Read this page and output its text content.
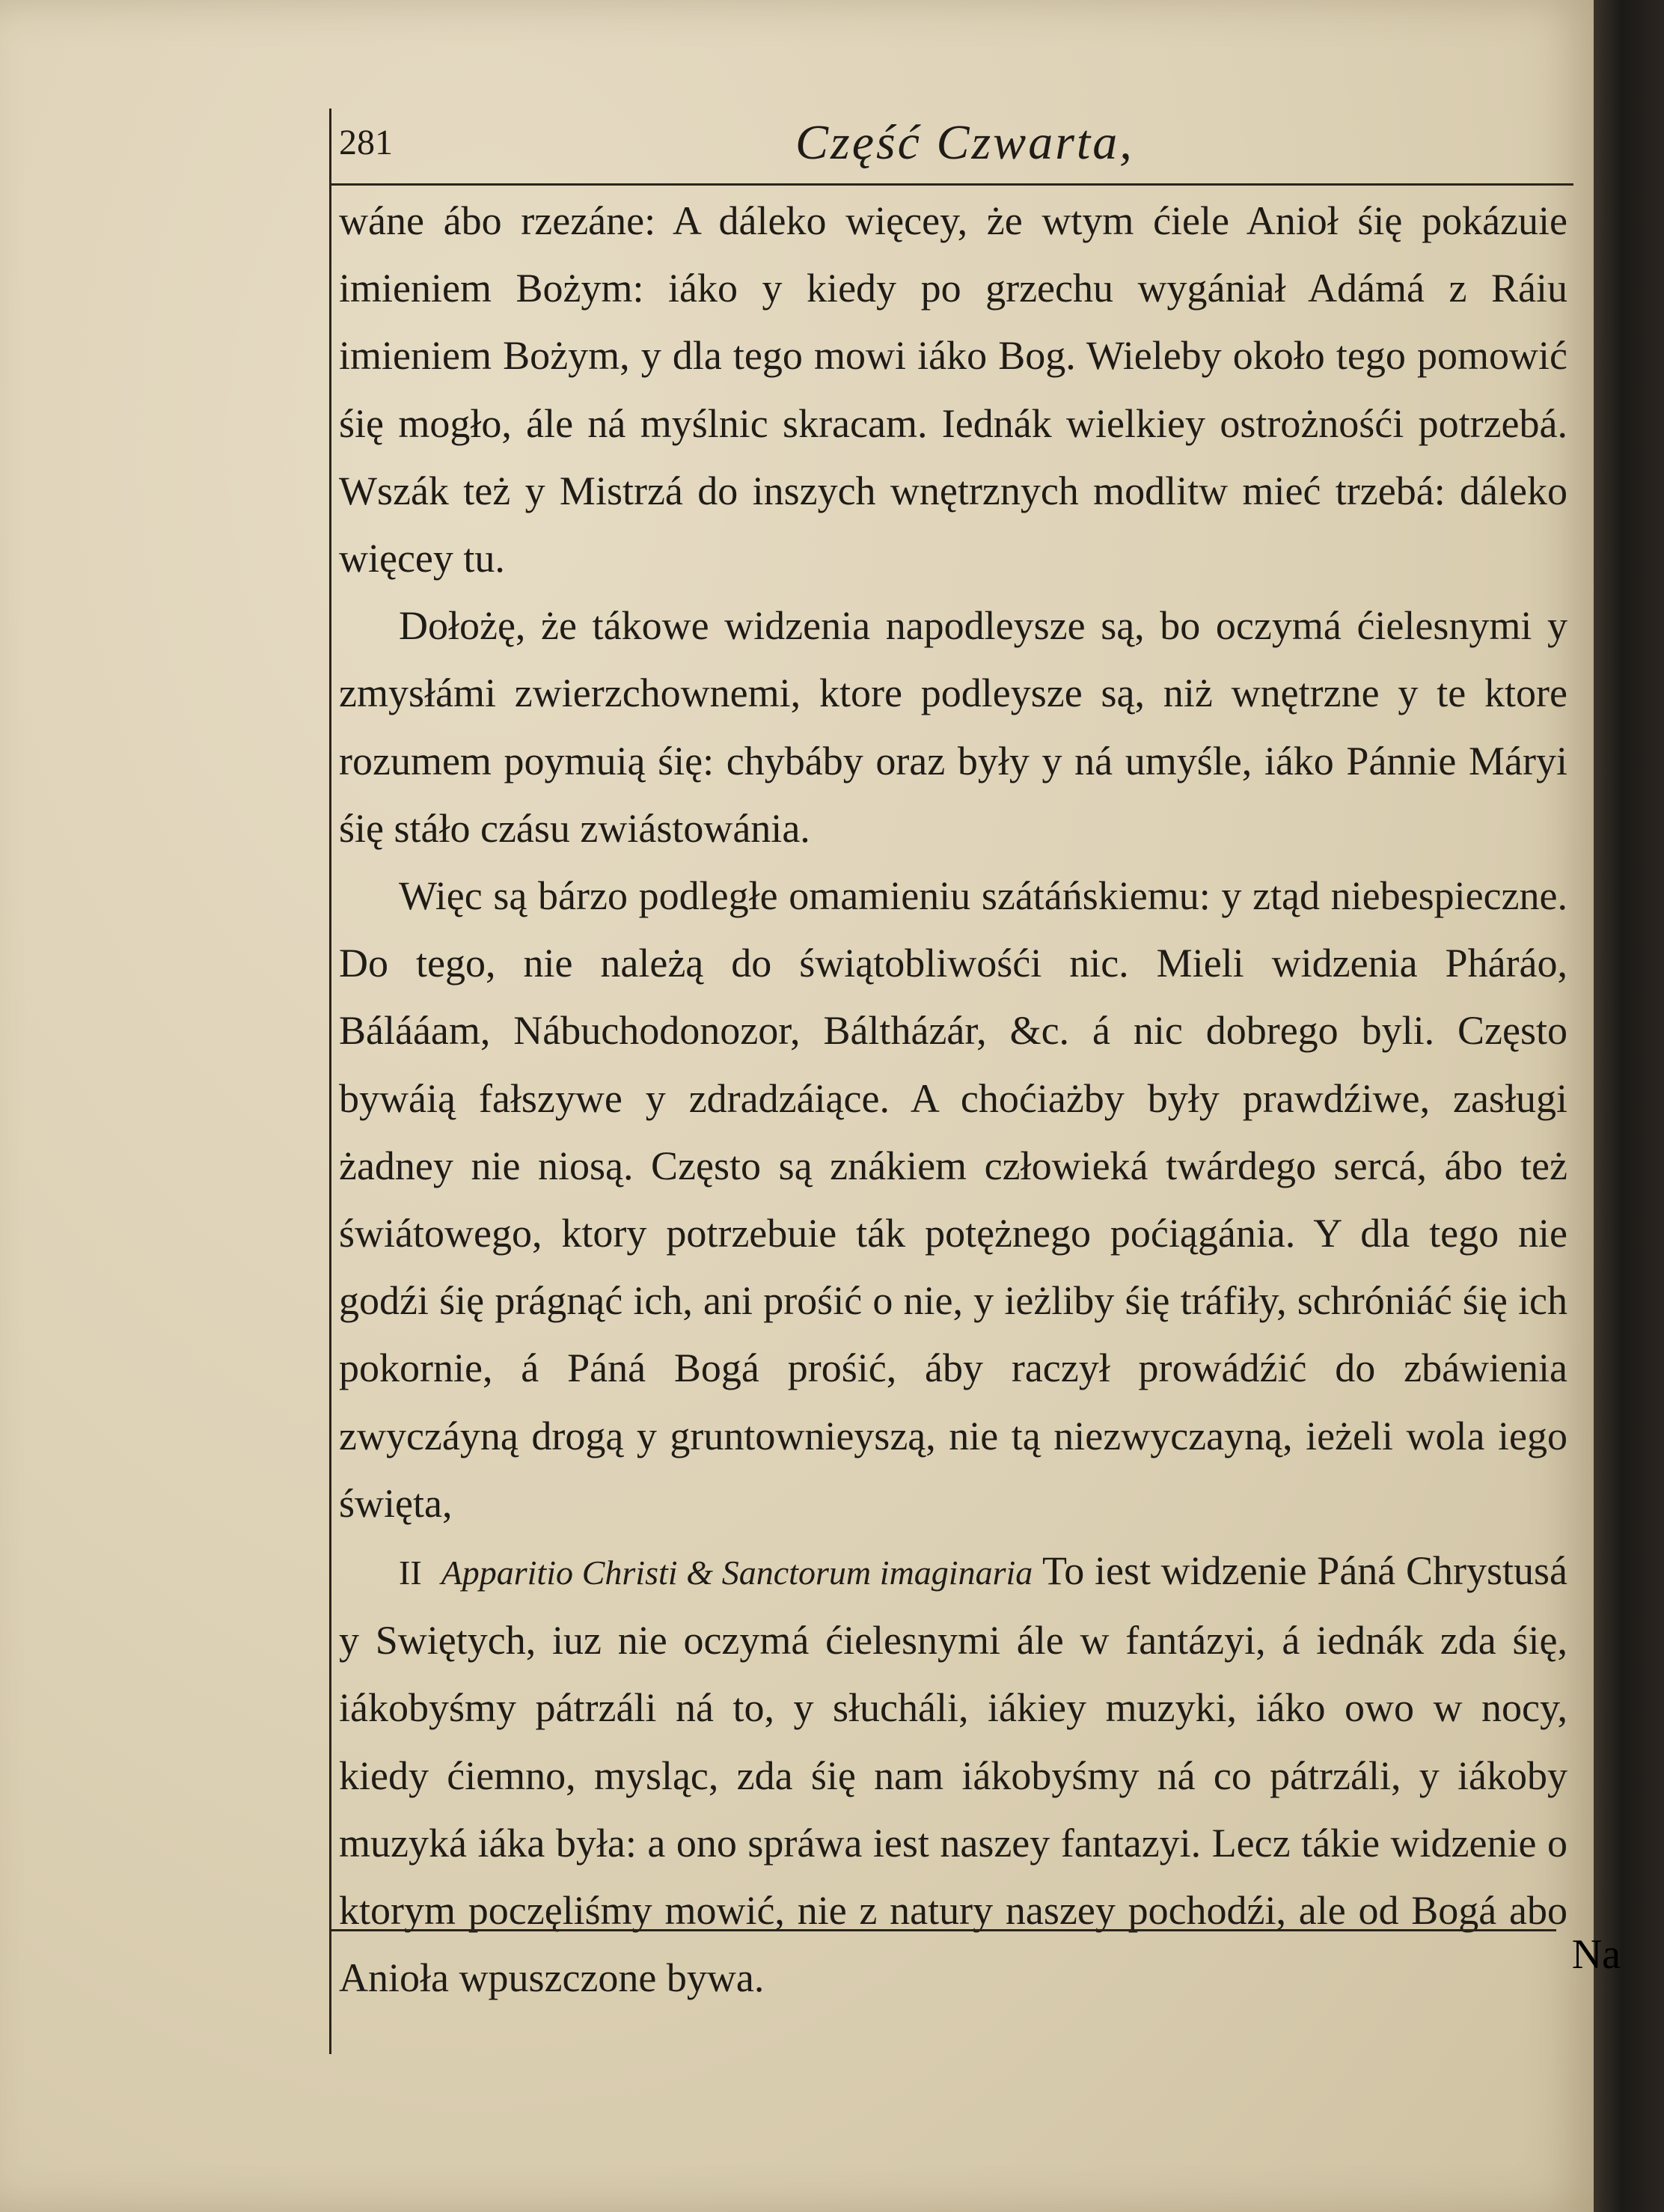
281	Część Czwarta,

wáne ábo rzezáne: A dáleko więcey, że wtym ćiele Anioł śię pokázuie imieniem Bożym: iáko y kiedy po grzechu wygániał Adámá z Ráiu imieniem Bożym, y dla tego mowi iáko Bog. Wieleby około tego pomowić śię mogło, ále ná myślnic skracam. Iednák wielkiey ostrożnośći potrzebá. Wszák też y Mistrzá do inszych wnętrznych modlitw mieć trzebá: dáleko więcey tu.

Dołożę, że tákowe widzenia napodleysze są, bo oczymá ćielesnymi y zmysłámi zwierzchownemi, ktore podleysze są, niż wnętrzne y te ktore rozumem poymuią śię: chybáby oraz były y ná umyśle, iáko Pánnie Máryi śię stáło czásu zwiástowánia.

Więc są bárzo podległe omamieniu szátáńskiemu: y ztąd niebespieczne. Do tego, nie należą do świątobliwośći nic. Mieli widzenia Pháráo, Bálááam, Nábuchodonozor, Báltházár, &c. á nic dobrego byli. Często bywáią fałszywe y zdradzáiące. A choćiażby były prawdźiwe, zasługi żadney nie niosą. Często są znákiem człowieká twárdego sercá, ábo też świátowego, ktory potrzebuie ták potężnego poćiągánia. Y dla tego nie godźi śię prágnąć ich, ani prośić o nie, y ieżliby śię tráfiły, schróniáć śię ich pokornie, á Páná Bogá prośić, áby raczył prowádźić do zbáwienia zwyczáyną drogą y gruntownieyszą, nie tą niezwyczayną, ieżeli wola iego święta,

II Apparitio Christi & Sanctorum imaginaria To iest widzenie Páná Chrystusá y Swiętych, iuz nie oczymá ćielesnymi ále w fantázyi, á iednák zda śię, iákobyśmy pátrzáli ná to, y słucháli, iákiey muzyki, iáko owo w nocy, kiedy ćiemno, mysląc, zda śię nam iákobyśmy ná co pátrzáli, y iákoby muzyká iáka była: a ono spráwa iest naszey fantazyi. Lecz tákie widzenie o ktorym poczęliśmy mowić, nie z natury naszey pochodźi, ale od Bogá abo Anioła wpuszczone bywa.

Na
